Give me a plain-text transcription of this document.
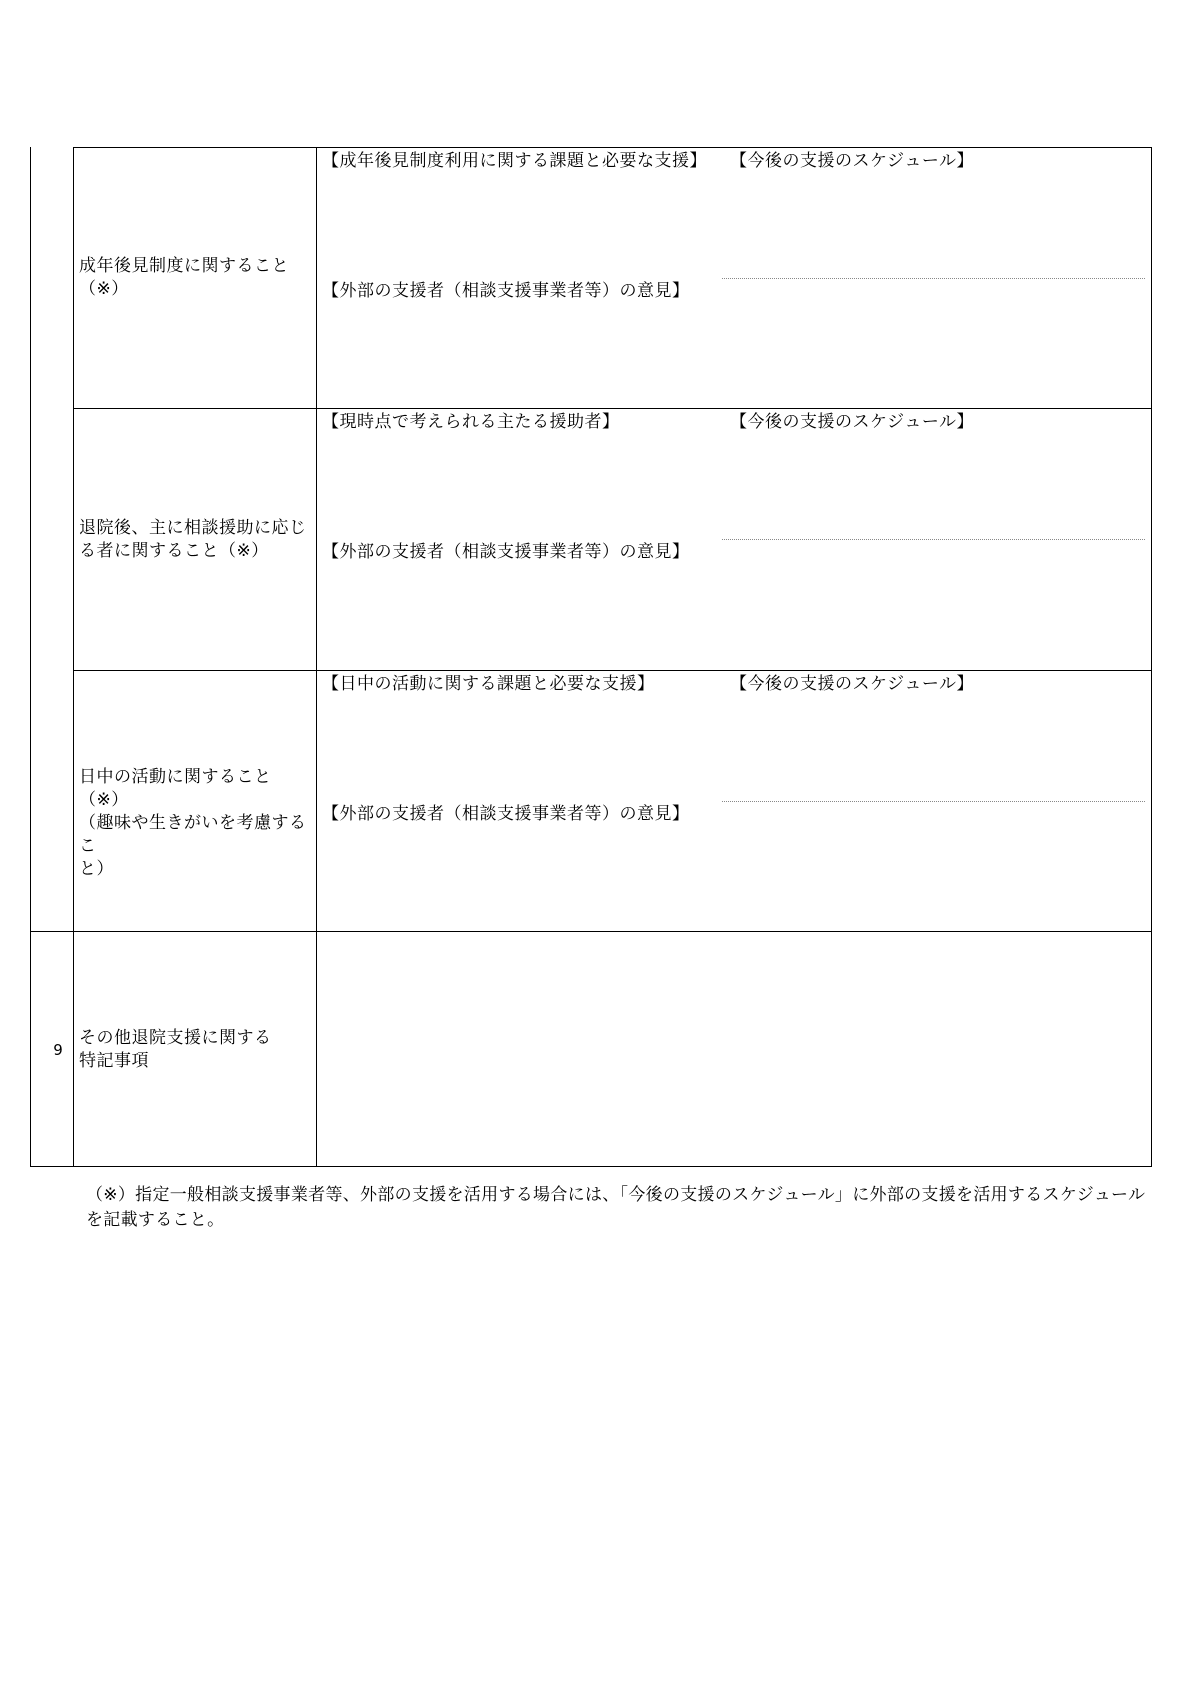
成年後見制度に関すること
（※）
【成年後見制度利用に関する課題と必要な支援】 【今後の支援のスケジュール】
【外部の支援者（相談支援事業者等）の意見】
退院後、主に相談援助に応じ
る者に関すること（※）
【現時点で考えられる主たる援助者】	【今後の支援のスケジュール】
【外部の支援者（相談支援事業者等）の意見】
日中の活動に関すること（※）
（趣味や生きがいを考慮するこ
と）
【日中の活動に関する課題と必要な支援】	【今後の支援のスケジュール】
【外部の支援者（相談支援事業者等）の意見】
9
その他退院支援に関する
特記事項
（※）指定一般相談支援事業者等、外部の支援を活用する場合には、「今後の支援のスケジュール」に外部の支援を活用するスケジュールを記載すること。
